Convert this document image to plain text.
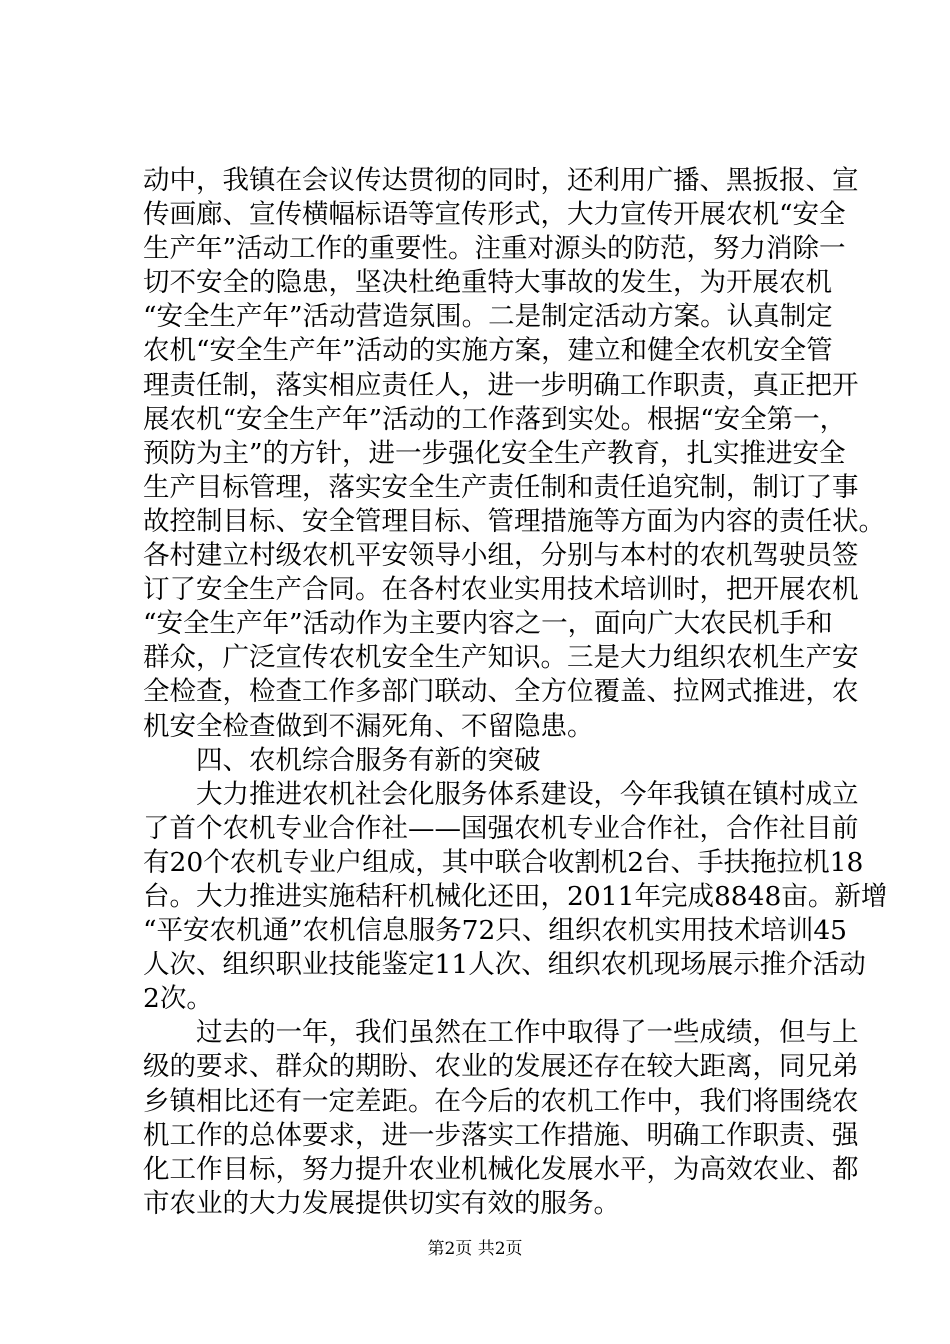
动中，我镇在会议传达贯彻的同时，还利用广播、黑扳报、宣
传画廊、宣传横幅标语等宣传形式，大力宣传开展农机“安全
生产年”活动工作的重要性。注重对源头的防范，努力消除一
切不安全的隐患，坚决杜绝重特大事故的发生，为开展农机
“安全生产年”活动营造氛围。二是制定活动方案。认真制定
农机“安全生产年”活动的实施方案，建立和健全农机安全管
理责任制，落实相应责任人，进一步明确工作职责，真正把开
展农机“安全生产年”活动的工作落到实处。根据“安全第一，
预防为主”的方针，进一步强化安全生产教育，扎实推进安全
生产目标管理，落实安全生产责任制和责任追究制，制订了事
故控制目标、安全管理目标、管理措施等方面为内容的责任状。
各村建立村级农机平安领导小组，分别与本村的农机驾驶员签
订了安全生产合同。在各村农业实用技术培训时，把开展农机
“安全生产年”活动作为主要内容之一，面向广大农民机手和
群众，广泛宣传农机安全生产知识。三是大力组织农机生产安
全检查，检查工作多部门联动、全方位覆盖、拉网式推进，农
机安全检查做到不漏死角、不留隐患。
四、农机综合服务有新的突破
大力推进农机社会化服务体系建设，今年我镇在镇村成立
了首个农机专业合作社——国强农机专业合作社，合作社目前
有20个农机专业户组成，其中联合收割机2台、手扶拖拉机18
台。大力推进实施秸秆机械化还田，2011年完成8848亩。新增
“平安农机通”农机信息服务72只、组织农机实用技术培训45
人次、组织职业技能鉴定11人次、组织农机现场展示推介活动
2次。
过去的一年，我们虽然在工作中取得了一些成绩，但与上
级的要求、群众的期盼、农业的发展还存在较大距离，同兄弟
乡镇相比还有一定差距。在今后的农机工作中，我们将围绕农
机工作的总体要求，进一步落实工作措施、明确工作职责、强
化工作目标，努力提升农业机械化发展水平，为高效农业、都
市农业的大力发展提供切实有效的服务。
第2页 共2页
